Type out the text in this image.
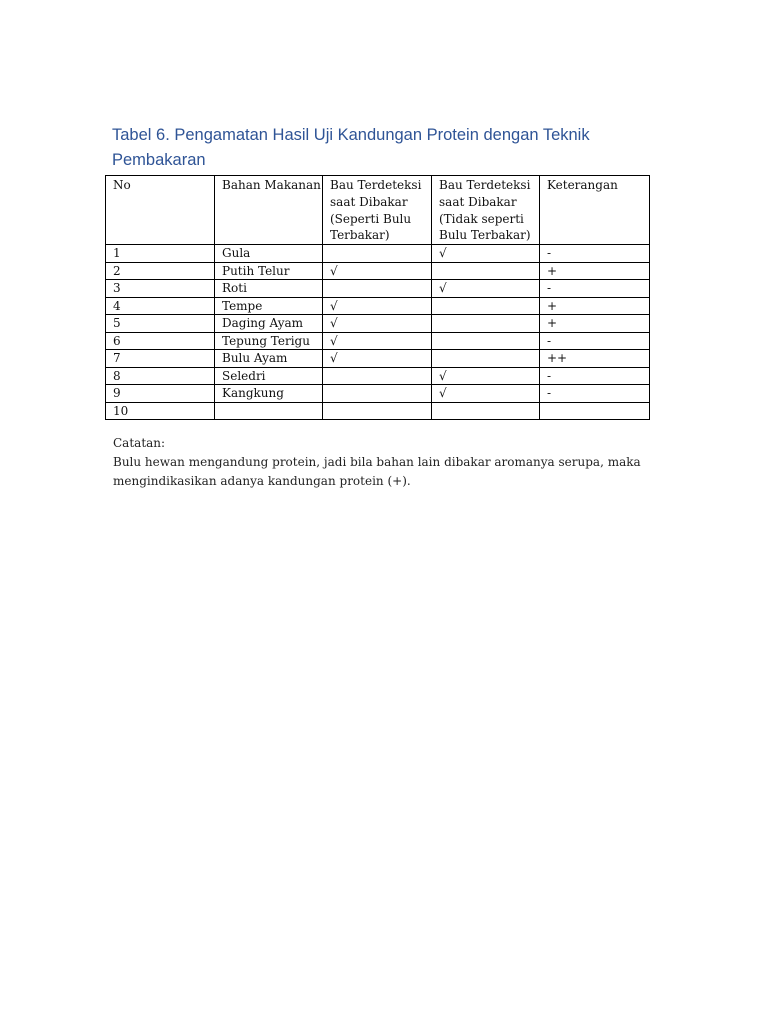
Tabel 6. Pengamatan Hasil Uji Kandungan Protein dengan Teknik Pembakaran
No	Bahan Makanan	Bau Terdeteksi saat Dibakar (Seperti Bulu Terbakar)	Bau Terdeteksi saat Dibakar (Tidak seperti Bulu Terbakar)	Keterangan
1	Gula		√	-
2	Putih Telur	√		+
3	Roti		√	-
4	Tempe	√		+
5	Daging Ayam	√		+
6	Tepung Terigu	√		-
7	Bulu Ayam	√		++
8	Seledri		√	-
9	Kangkung		√	-
10				

Catatan:

Bulu hewan mengandung protein, jadi bila bahan lain dibakar aromanya serupa, maka mengindikasikan adanya kandungan protein (+).
